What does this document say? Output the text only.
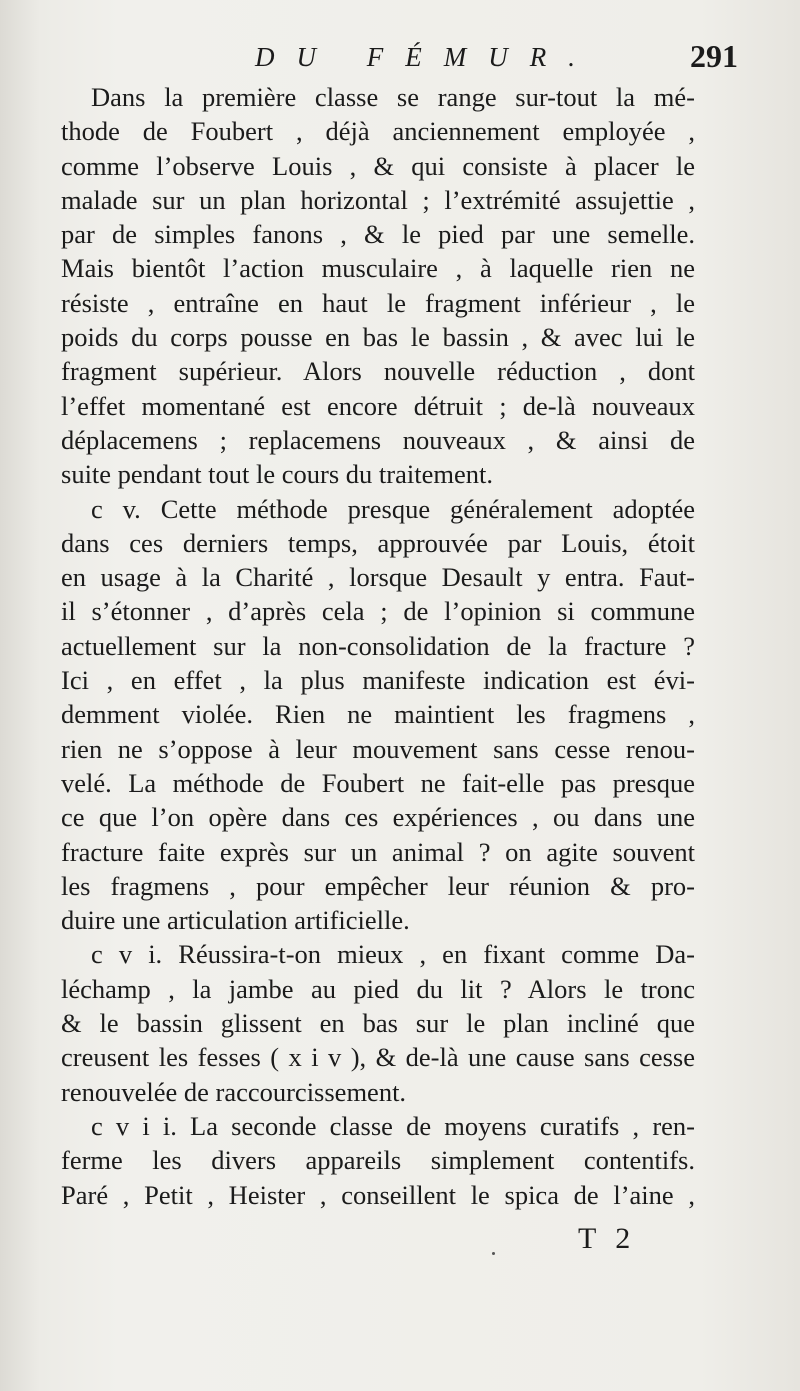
DU FÉMUR.	291
Dans la première classe se range sur-tout la mé-
thode de Foubert , déjà anciennement employée ,
comme l’observe Louis , & qui consiste à placer le
malade sur un plan horizontal ; l’extrémité assujettie ,
par de simples fanons , & le pied par une semelle.
Mais bientôt l’action musculaire , à laquelle rien ne
résiste , entraîne en haut le fragment inférieur , le
poids du corps pousse en bas le bassin , & avec lui le
fragment supérieur. Alors nouvelle réduction , dont
l’effet momentané est encore détruit ; de-là nouveaux
déplacemens ; replacemens nouveaux , & ainsi de
suite pendant tout le cours du traitement.
c v. Cette méthode presque généralement adoptée
dans ces derniers temps, approuvée par Louis, étoit
en usage à la Charité , lorsque Desault y entra. Faut-
il s’étonner , d’après cela ; de l’opinion si commune
actuellement sur la non-consolidation de la fracture ?
Ici , en effet , la plus manifeste indication est évi-
demment violée. Rien ne maintient les fragmens ,
rien ne s’oppose à leur mouvement sans cesse renou-
velé. La méthode de Foubert ne fait-elle pas presque
ce que l’on opère dans ces expériences , ou dans une
fracture faite exprès sur un animal ? on agite souvent
les fragmens , pour empêcher leur réunion & pro-
duire une articulation artificielle.
c v i. Réussira-t-on mieux , en fixant comme Da-
léchamp , la jambe au pied du lit ? Alors le tronc
& le bassin glissent en bas sur le plan incliné que
creusent les fesses ( x i v ), & de-là une cause sans cesse
renouvelée de raccourcissement.
c v i i. La seconde classe de moyens curatifs , ren-
ferme les divers appareils simplement contentifs.
Paré , Petit , Heister , conseillent le spica de l’aine ,
T 2
